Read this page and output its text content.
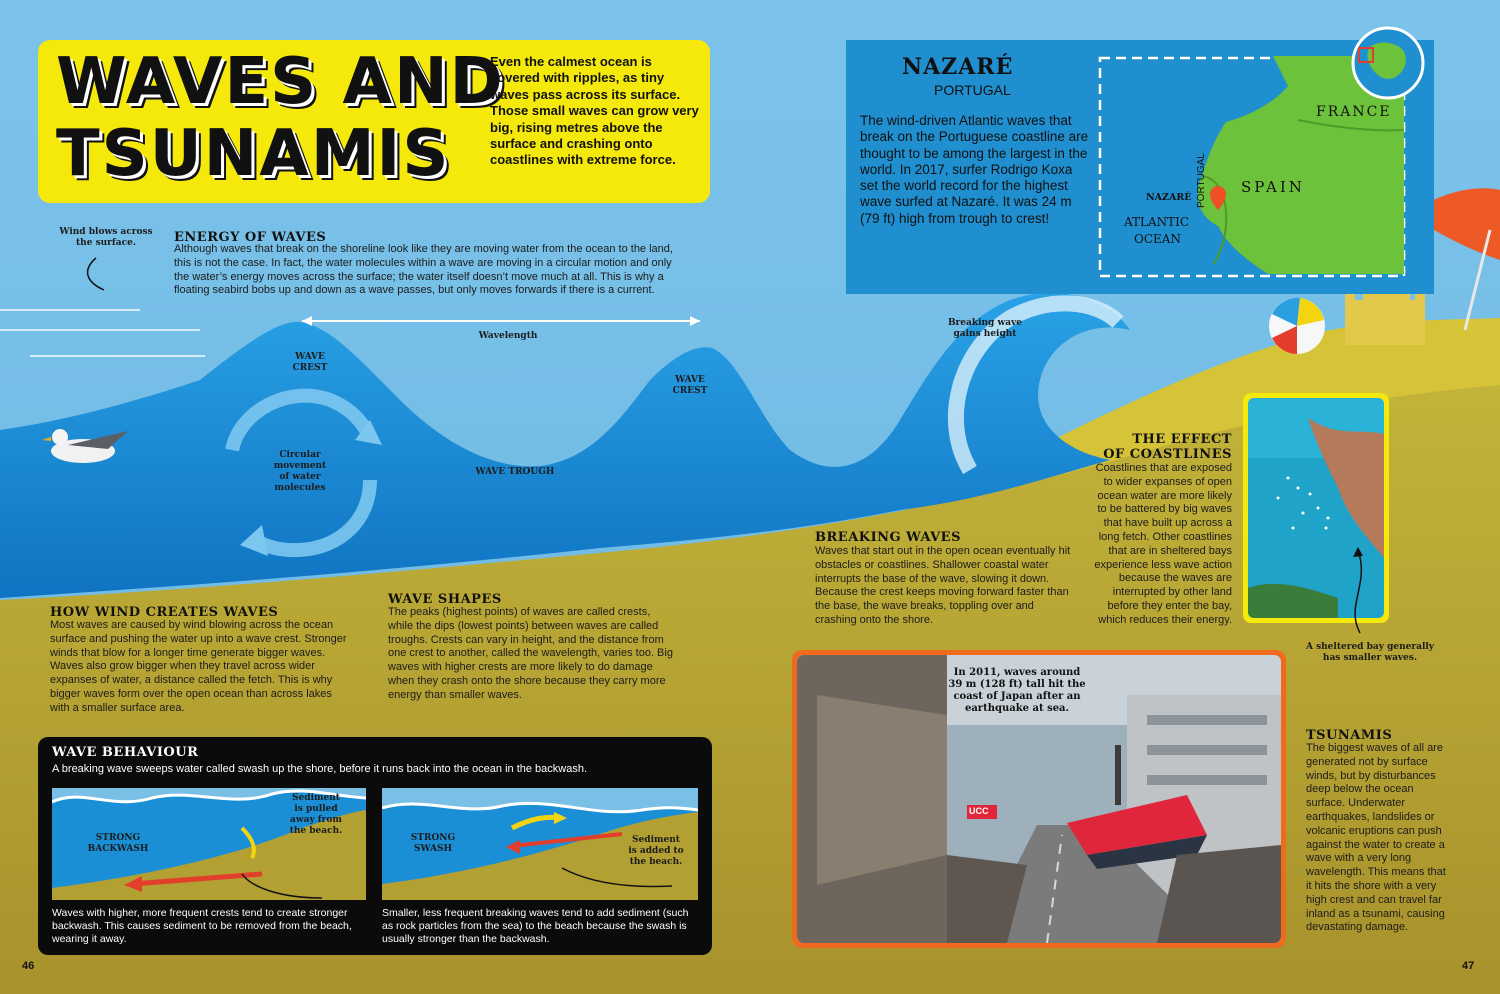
WAVES AND
TSUNAMIS
Even the calmest ocean is covered with ripples, as tiny waves pass across its surface. Those small waves can grow very big, rising metres above the surface and crashing onto coastlines with extreme force.
NAZARÉ
PORTUGAL
The wind-driven Atlantic waves that break on the Portuguese coastline are thought to be among the largest in the world. In 2017, surfer Rodrigo Koxa set the world record for the highest wave surfed at Nazaré. It was 24 m (79 ft) high from trough to crest!
FRANCE
SPAIN
PORTUGAL
NAZARÉ
ATLANTIC
OCEAN
ENERGY OF WAVES
Although waves that break on the shoreline look like they are moving water from the ocean to the land, this is not the case. In fact, the water molecules within a wave are moving in a circular motion and only the water’s energy moves across the surface; the water itself doesn’t move much at all. This is why a floating seabird bobs up and down as a wave passes, but only moves forwards if there is a current.
Wind blows across the surface.
Wavelength
WAVE
CREST
WAVE
CREST
WAVE TROUGH
Circular
movement
of water
molecules
Breaking wave
gains height
HOW WIND CREATES WAVES
Most waves are caused by wind blowing across the ocean surface and pushing the water up into a wave crest. Stronger winds that blow for a longer time generate bigger waves. Waves also grow bigger when they travel across wider expanses of water, a distance called the fetch. This is why bigger waves form over the open ocean than across lakes with a smaller surface area.
WAVE SHAPES
The peaks (highest points) of waves are called crests, while the dips (lowest points) between waves are called troughs. Crests can vary in height, and the distance from one crest to another, called the wavelength, varies too. Big waves with higher crests are more likely to do damage when they crash onto the shore because they carry more energy than smaller waves.
BREAKING WAVES
Waves that start out in the open ocean eventually hit obstacles or coastlines. Shallower coastal water interrupts the base of the wave, slowing it down. Because the crest keeps moving forward faster than the base, the wave breaks, toppling over and crashing onto the shore.
THE EFFECT
OF COASTLINES
Coastlines that are exposed to wider expanses of open ocean water are more likely to be battered by big waves that have built up across a long fetch. Other coastlines that are in sheltered bays experience less wave action because the waves are interrupted by other land before they enter the bay, which reduces their energy.
A sheltered bay generally has smaller waves.
WAVE BEHAVIOUR
A breaking wave sweeps water called swash up the shore, before it runs back into the ocean in the backwash.
STRONG
BACKWASH
Sediment
is pulled
away from
the beach.
Waves with higher, more frequent crests tend to create stronger backwash. This causes sediment to be removed from the beach, wearing it away.
STRONG
SWASH
Sediment
is added to
the beach.
Smaller, less frequent breaking waves tend to add sediment (such as rock particles from the sea) to the beach because the swash is usually stronger than the backwash.
UCC
In 2011, waves around 39 m (128 ft) tall hit the coast of Japan after an earthquake at sea.
TSUNAMIS
The biggest waves of all are generated not by surface winds, but by disturbances deep below the ocean surface. Underwater earthquakes, landslides or volcanic eruptions can push against the water to create a wave with a very long wavelength. This means that it hits the shore with a very high crest and can travel far inland as a tsunami, causing devastating damage.
46	47
